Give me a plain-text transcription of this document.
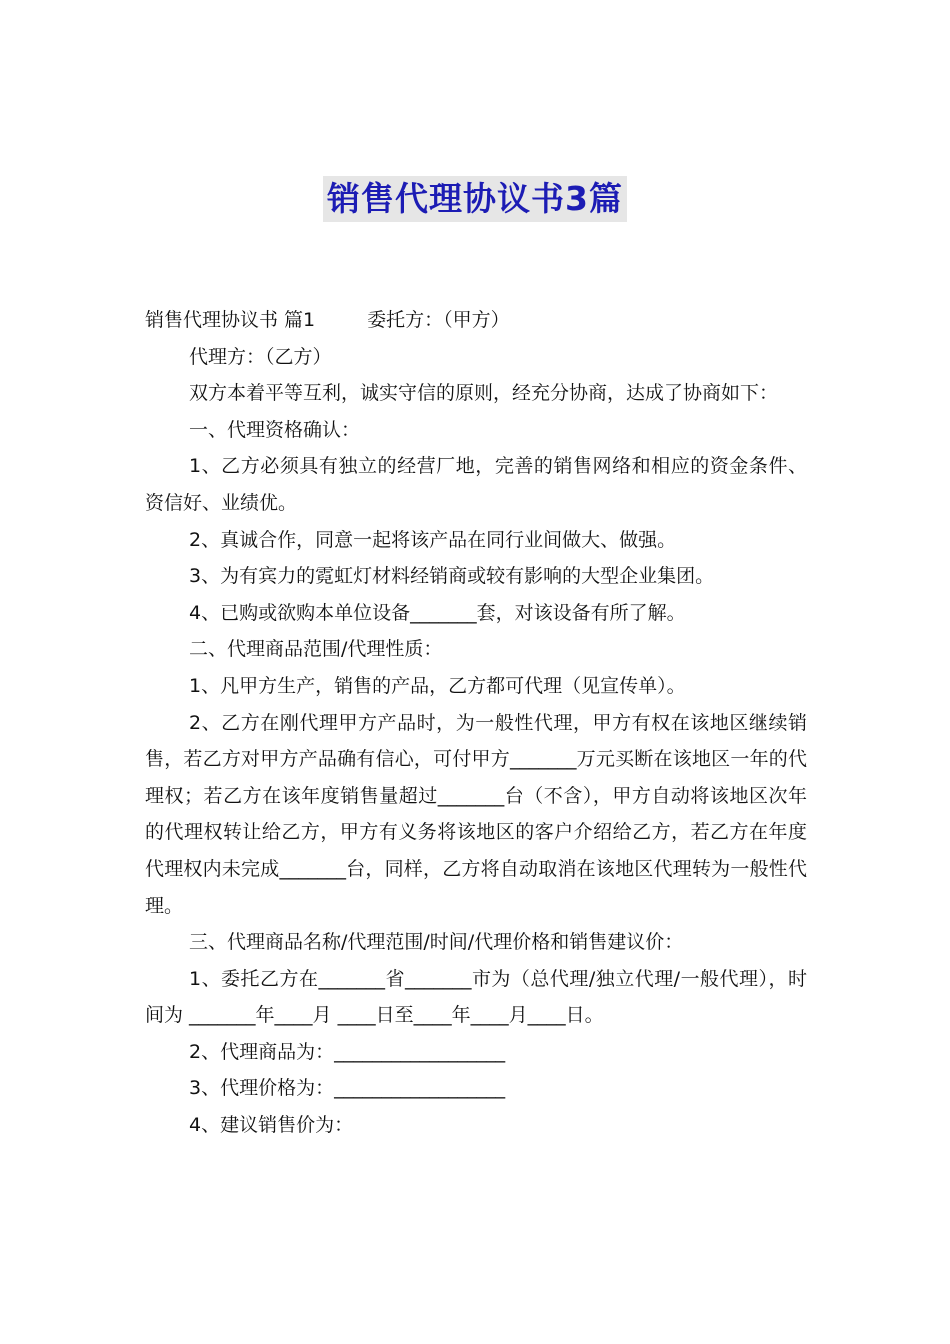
销售代理协议书3篇

销售代理协议书 篇1	委托方：（甲方）

代理方：（乙方）

双方本着平等互利，诚实守信的原则，经充分协商，达成了协商如下：

一、代理资格确认：

1、乙方必须具有独立的经营厂地，完善的销售网络和相应的资金条件、资信好、业绩优。

2、真诚合作，同意一起将该产品在同行业间做大、做强。

3、为有宾力的霓虹灯材料经销商或较有影响的大型企业集团。

4、已购或欲购本单位设备_______套，对该设备有所了解。

二、代理商品范围/代理性质：

1、凡甲方生产，销售的产品，乙方都可代理（见宣传单）。

2、乙方在刚代理甲方产品时，为一般性代理，甲方有权在该地区继续销售，若乙方对甲方产品确有信心，可付甲方_______万元买断在该地区一年的代理权；若乙方在该年度销售量超过_______台（不含），甲方自动将该地区次年的代理权转让给乙方，甲方有义务将该地区的客户介绍给乙方，若乙方在年度代理权内未完成_______台，同样，乙方将自动取消在该地区代理转为一般性代理。

三、代理商品名称/代理范围/时间/代理价格和销售建议价：

1、委托乙方在_______省_______市为（总代理/独立代理/一般代理），时间为 _______年____月 ____日至____年____月____日。

2、代理商品为：__________________

3、代理价格为：__________________

4、建议销售价为：
